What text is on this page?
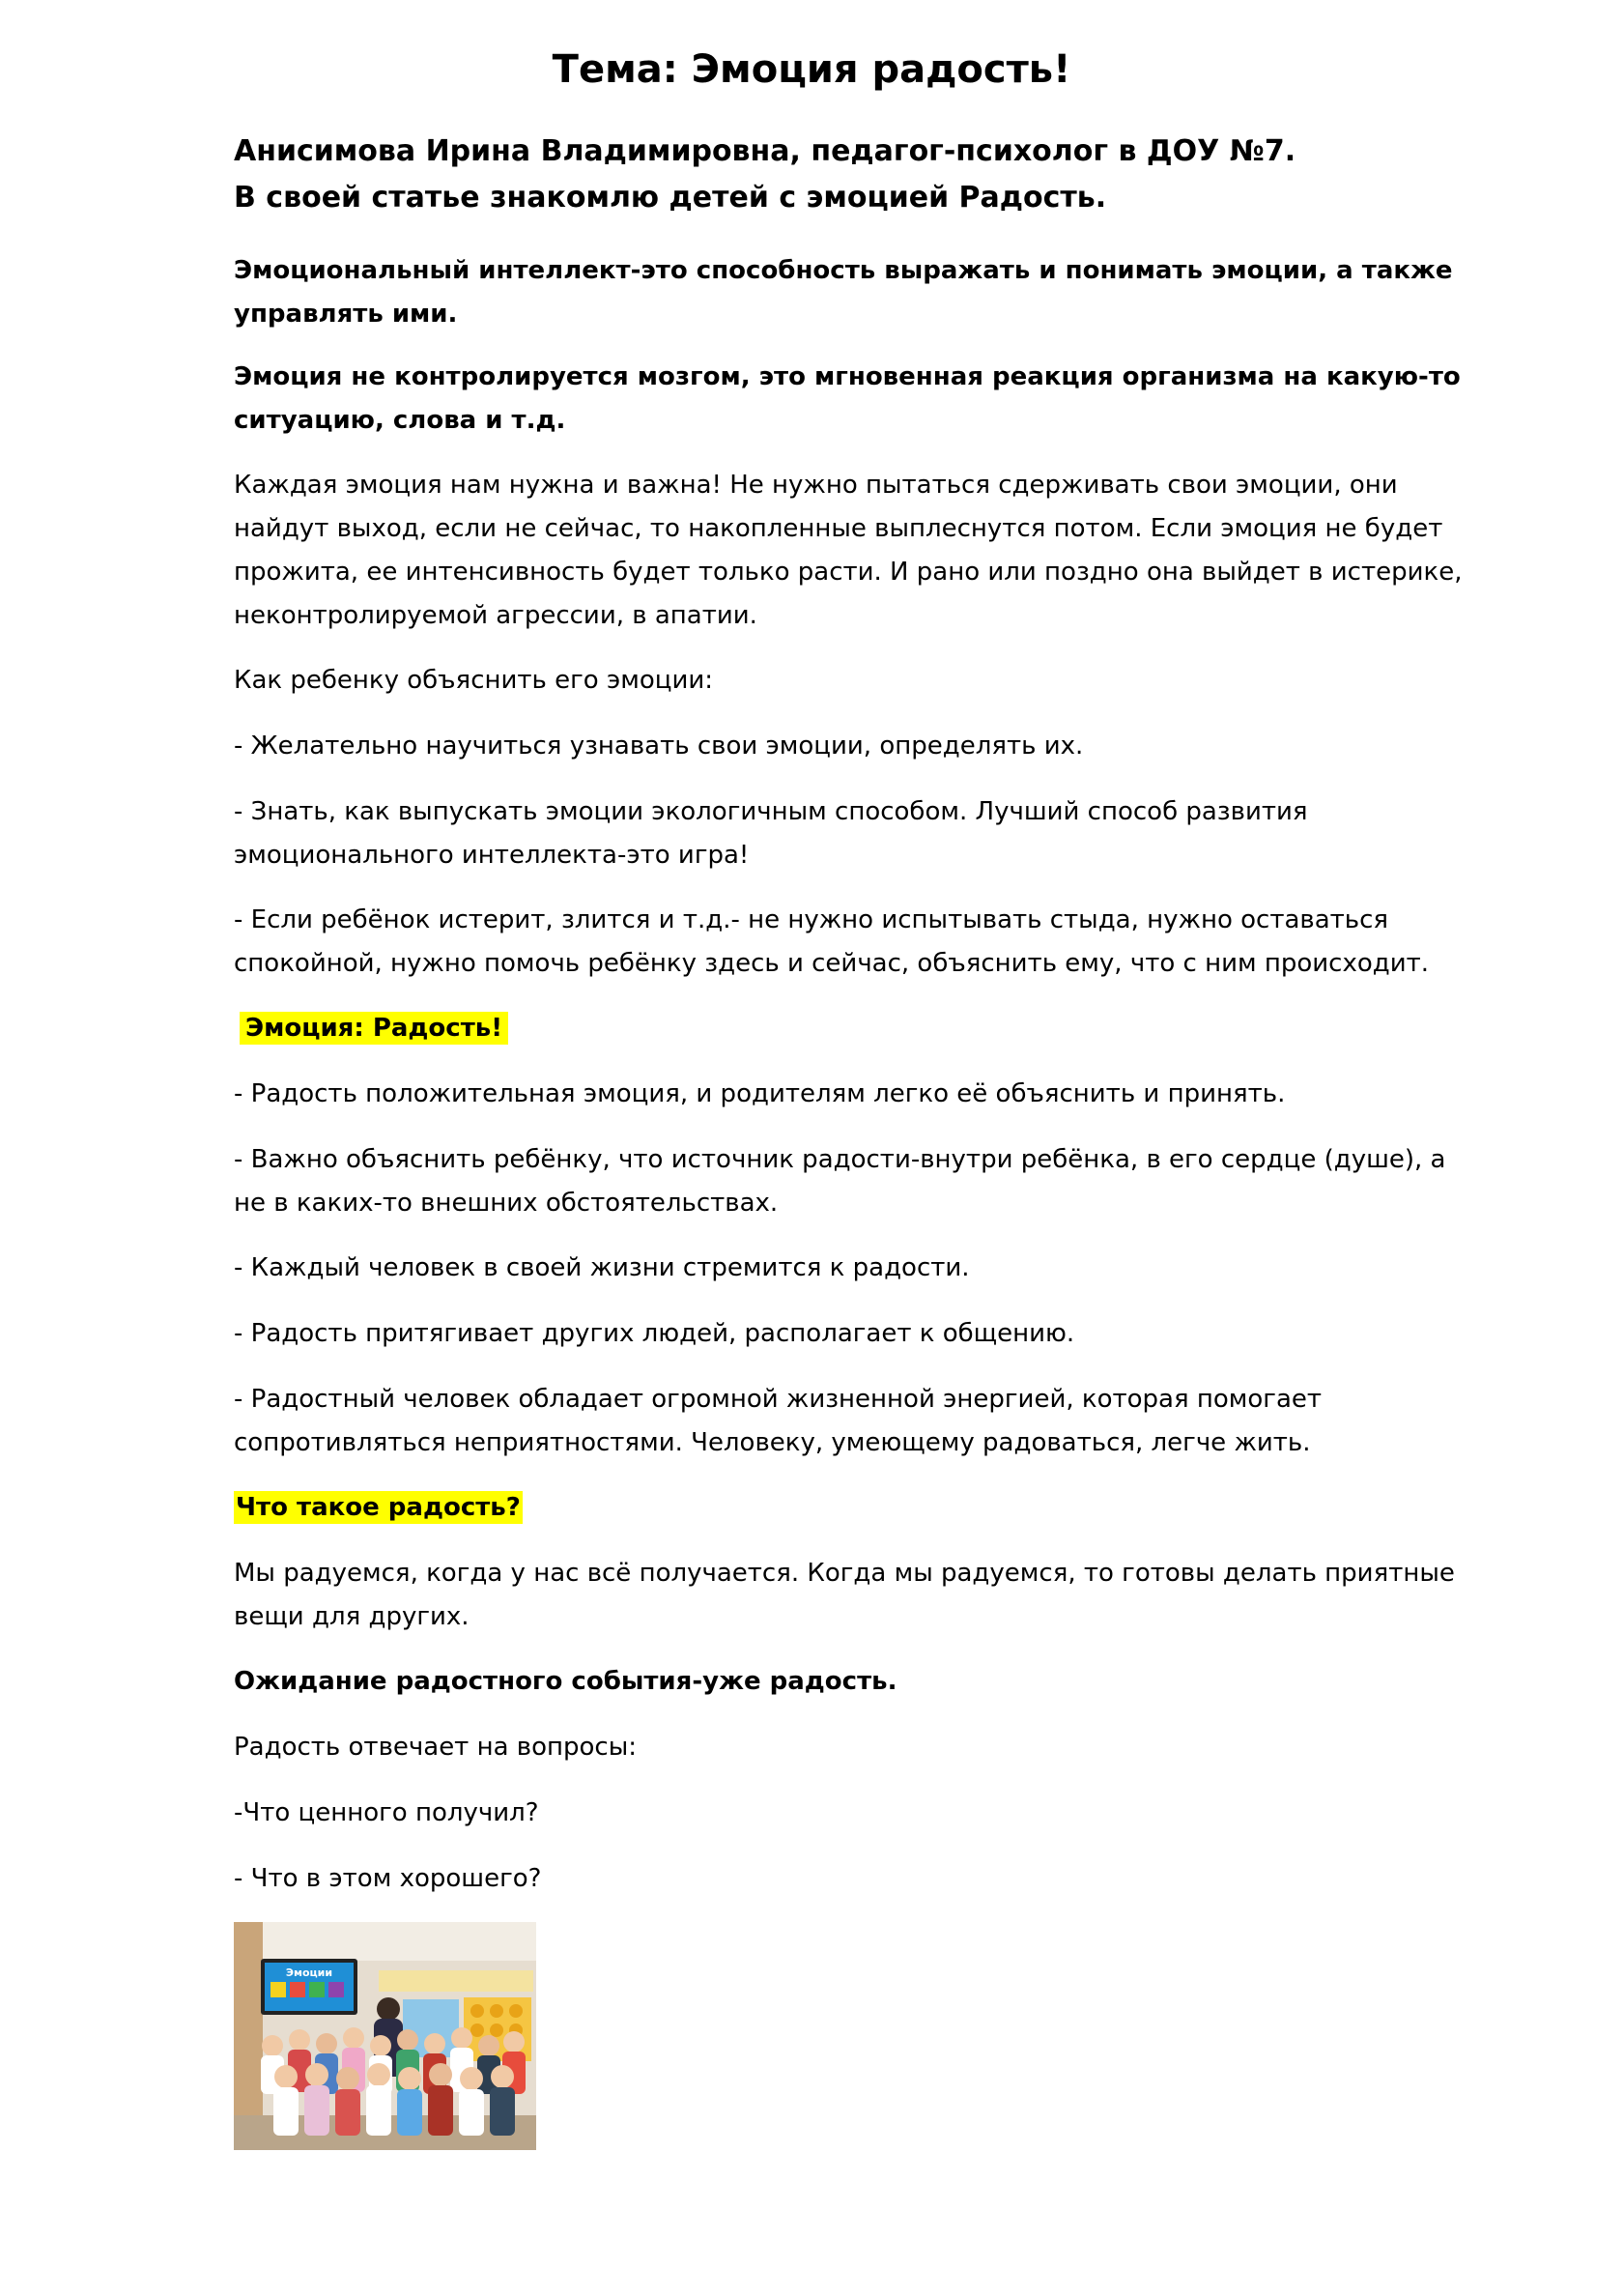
Тема: Эмоция радость!
Анисимова Ирина Владимировна, педагог-психолог в ДОУ №7.
В своей статье знакомлю детей с эмоцией Радость.
Эмоциональный интеллект-это способность выражать и понимать эмоции, а также
управлять ими.
Эмоция не контролируется мозгом, это мгновенная реакция организма на какую-то
ситуацию, слова и т.д.
Каждая эмоция нам нужна и важна! Не нужно пытаться сдерживать свои эмоции, они
найдут выход, если не сейчас, то накопленные выплеснутся потом. Если эмоция не будет
прожита, ее интенсивность будет только расти. И рано или поздно она выйдет в истерике,
неконтролируемой агрессии, в апатии.
Как ребенку объяснить его эмоции:
- Желательно научиться узнавать свои эмоции, определять их.
- Знать, как выпускать эмоции экологичным способом. Лучший способ развития
эмоционального интеллекта-это игра!
- Если ребёнок истерит, злится и т.д.- не нужно испытывать стыда, нужно оставаться
спокойной, нужно помочь ребёнку здесь и сейчас, объяснить ему, что с ним происходит.
Эмоция: Радость!
- Радость положительная эмоция, и родителям легко её объяснить и принять.
- Важно объяснить ребёнку, что источник радости-внутри ребёнка, в его сердце (душе), а
не в каких-то внешних обстоятельствах.
- Каждый человек в своей жизни стремится к радости.
- Радость притягивает других людей, располагает к общению.
- Радостный человек обладает огромной жизненной энергией, которая помогает
сопротивляться неприятностями. Человеку, умеющему радоваться, легче жить.
Что такое радость?
Мы радуемся, когда у нас всё получается. Когда мы радуемся, то готовы делать приятные
вещи для других.
Ожидание радостного события-уже радость.
Радость отвечает на вопросы:
-Что ценного получил?
- Что в этом хорошего?
Эмоции
